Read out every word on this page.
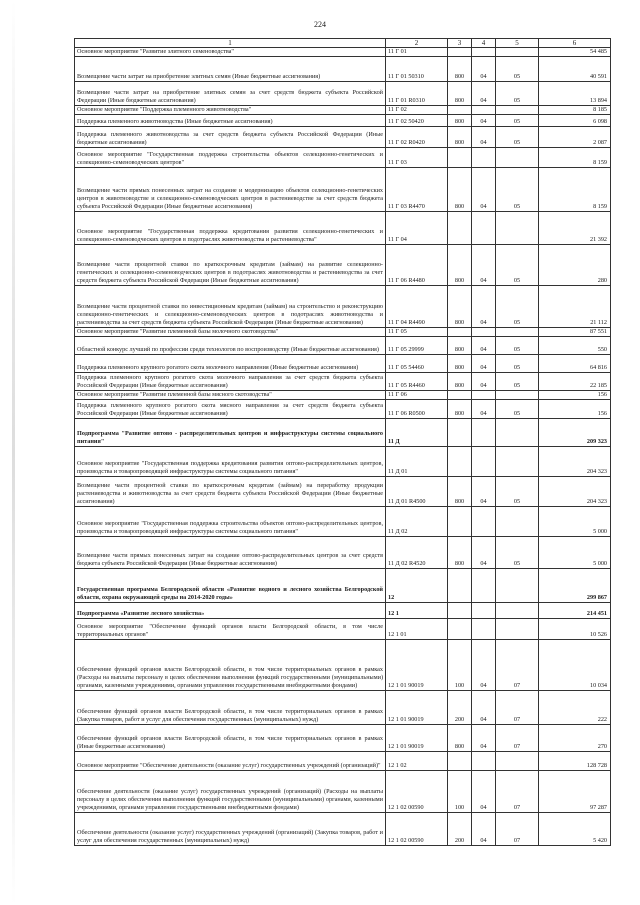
224
1	2	3	4	5	6
Основное мероприятие "Развитие элитного семеноводства"	11 Г 01				54 485
Возмещение части затрат на приобретение элитных семян (Иные бюджетные ассигнования)	11 Г 01 50310	800	04	05	40 591
Возмещение части затрат на приобретение элитных семян за счет средств бюджета субъекта Российской Федерации (Иные бюджетные ассигнования)	11 Г 01 R0310	800	04	05	13 894
Основное мероприятие "Поддержка племенного животноводства"	11 Г 02				8 185
Поддержка племенного животноводства (Иные бюджетные ассигнования)	11 Г 02 50420	800	04	05	6 098
Поддержка племенного животноводства за счет средств бюджета субъекта Российской Федерации (Иные бюджетные ассигнования)	11 Г 02 R0420	800	04	05	2 087
Основное мероприятие "Государственная поддержка строительства объектов селекционно-генетических и селекционно-семеноводческих центров"	11 Г 03				8 159
Возмещение части прямых понесенных затрат на создание и модернизацию объектов селекционно-генетических центров в животноводстве и селекционно-семеноводческих центров в растениеводстве за счет средств бюджета субъекта Российской Федерации (Иные бюджетные ассигнования)	11 Г 03 R4470	800	04	05	8 159
Основное мероприятие "Государственная поддержка кредитования развития селекционно-генетических и селекционно-семеноводческих центров в подотраслях животноводства и растениеводства"	11 Г 04				21 392
Возмещение части процентной ставки по краткосрочным кредитам (займам) на развитие селекционно-генетических и селекционно-семеноводческих центров в подотраслях животноводства и растениеводства за счет средств бюджета субъекта Российской Федерации (Иные бюджетные ассигнования)	11 Г 06 R4480	800	04	05	280
Возмещение части процентной ставки по инвестиционным кредитам (займам) на строительство и реконструкцию селекционно-генетических и селекционно-семеноводческих центров в подотраслях животноводства и растениеводства за счет средств бюджета субъекта Российской Федерации (Иные бюджетные ассигнования)	11 Г 04 R4490	800	04	05	21 112
Основное мероприятие "Развитие племенной базы молочного скотоводства"	11 Г 05				87 551
Областной конкурс лучший по профессии среди технологов по воспроизводству (Иные бюджетные ассигнования)	11 Г 05 29999	800	04	05	550
Поддержка племенного крупного рогатого скота молочного направления (Иные бюджетные ассигнования)	11 Г 05 54460	800	04	05	64 816
Поддержка племенного крупного рогатого скота молочного направления за счет средств бюджета субъекта Российской Федерации (Иные бюджетные ассигнования)	11 Г 05 R4460	800	04	05	22 185
Основное мероприятие "Развитие племенной базы мясного скотоводства"	11 Г 06				156
Поддержка племенного крупного рогатого скота мясного направления за счет средств бюджета субъекта Российской Федерации (Иные бюджетные ассигнования)	11 Г 06 R0500	800	04	05	156
Подпрограмма "Развитие оптово - распределительных центров и инфраструктуры системы социального питания"	11 Д				209 323
Основное мероприятие "Государственная поддержка кредитования развития оптово-распределительных центров, производства и товаропроводящей инфраструктуры системы социального питания"	11 Д 01				204 323
Возмещение части процентной ставки по краткосрочным кредитам (займам) на переработку продукции растениеводства и животноводства за счет средств бюджета субъекта Российской Федерации (Иные бюджетные ассигнования)	11 Д 01 R4500	800	04	05	204 323
Основное мероприятие "Государственная поддержка строительства объектов оптово-распределительных центров, производства и товаропроводящей инфраструктуры системы социального питания"	11 Д 02				5 000
Возмещение части прямых понесенных затрат на создание оптово-распределительных центров за счет средств бюджета субъекта Российской Федерации (Иные бюджетные ассигнования)	11 Д 02 R4520	800	04	05	5 000
Государственная программа Белгородской области «Развитие водного и лесного хозяйства Белгородской области, охрана окружающей среды на 2014-2020 годы»	12				299 867
Подпрограмма «Развитие лесного хозяйства»	12 1				214 451
Основное мероприятие "Обеспечение функций органов власти Белгородской области, в том числе территориальных органов"	12 1 01				10 526
Обеспечение функций органов власти Белгородской области, в том числе территориальных органов в рамках (Расходы на выплаты персоналу в целях обеспечения выполнения функций государственными (муниципальными) органами, казенными учреждениями, органами управления государственными внебюджетными фондами)	12 1 01 90019	100	04	07	10 034
Обеспечение функций органов власти Белгородской области, в том числе территориальных органов в рамках (Закупка товаров, работ и услуг для обеспечения государственных (муниципальных) нужд)	12 1 01 90019	200	04	07	222
Обеспечение функций органов власти Белгородской области, в том числе территориальных органов в рамках (Иные бюджетные ассигнования)	12 1 01 90019	800	04	07	270
Основное мероприятие "Обеспечение деятельности (оказание услуг) государственных учреждений (организаций)"	12 1 02				128 728
Обеспечение деятельности (оказание услуг) государственных учреждений (организаций) (Расходы на выплаты персоналу в целях обеспечения выполнения функций государственными (муниципальными) органами, казенными учреждениями, органами управления государственными внебюджетными фондами)	12 1 02 00590	100	04	07	97 287
Обеспечение деятельности (оказание услуг) государственных учреждений (организаций) (Закупка товаров, работ и услуг для обеспечения государственных (муниципальных) нужд)	12 1 02 00590	200	04	07	5 420
